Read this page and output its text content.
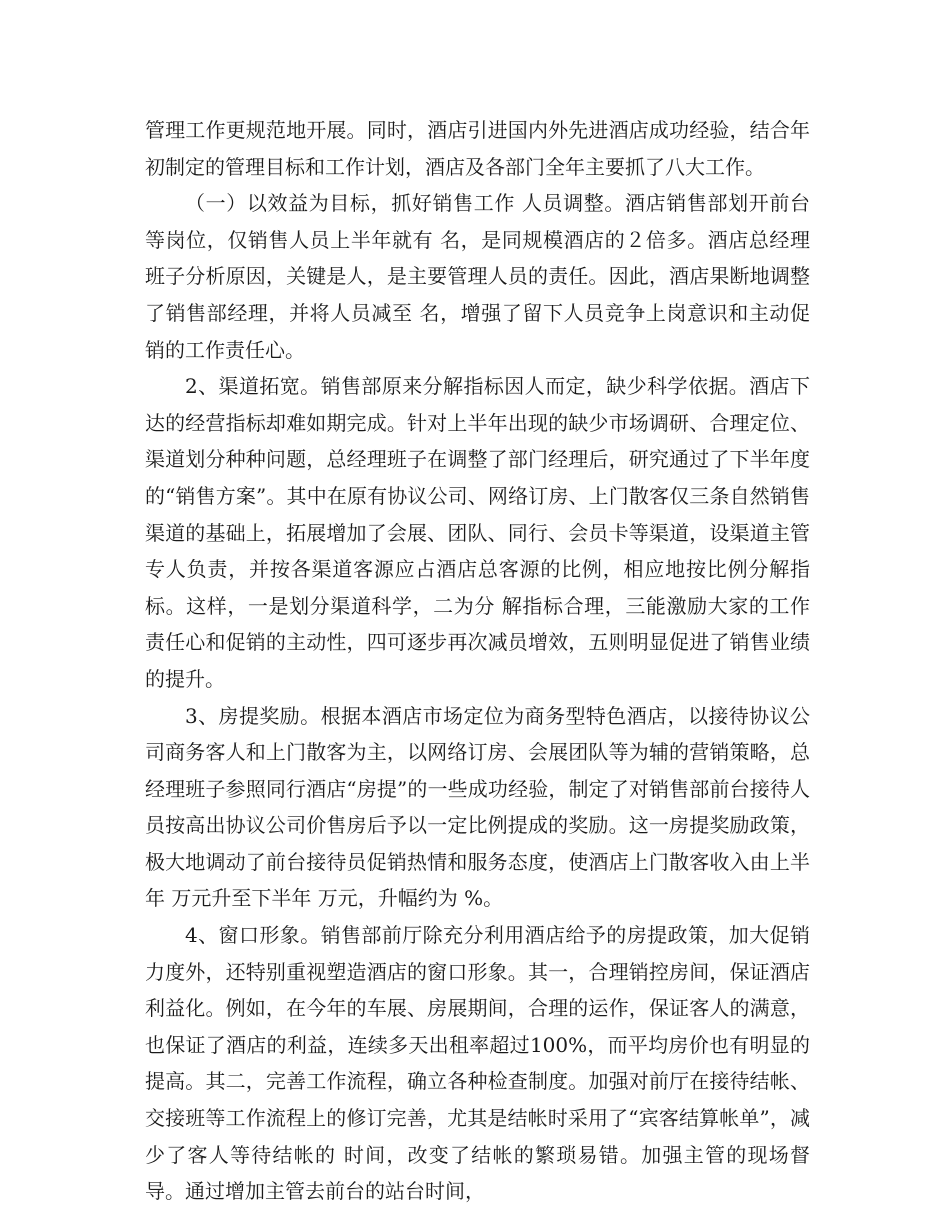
管理工作更规范地开展。同时，酒店引进国内外先进酒店成功经验，结合年初制定的管理目标和工作计划，酒店及各部门全年主要抓了八大工作。

（一）以效益为目标，抓好销售工作 人员调整。酒店销售部划开前台等岗位，仅销售人员上半年就有 名，是同规模酒店的２倍多。酒店总经理班子分析原因，关键是人，是主要管理人员的责任。因此，酒店果断地调整了销售部经理，并将人员减至 名，增强了留下人员竞争上岗意识和主动促销的工作责任心。

2、渠道拓宽。销售部原来分解指标因人而定，缺少科学依据。酒店下达的经营指标却难如期完成。针对上半年出现的缺少市场调研、合理定位、渠道划分种种问题，总经理班子在调整了部门经理后，研究通过了下半年度的“销售方案”。其中在原有协议公司、网络订房、上门散客仅三条自然销售渠道的基础上，拓展增加了会展、团队、同行、会员卡等渠道，设渠道主管专人负责，并按各渠道客源应占酒店总客源的比例，相应地按比例分解指标。这样，一是划分渠道科学，二为分 解指标合理，三能激励大家的工作责任心和促销的主动性，四可逐步再次减员增效，五则明显促进了销售业绩的提升。

3、房提奖励。根据本酒店市场定位为商务型特色酒店，以接待协议公司商务客人和上门散客为主，以网络订房、会展团队等为辅的营销策略，总经理班子参照同行酒店“房提”的一些成功经验，制定了对销售部前台接待人员按高出协议公司价售房后予以一定比例提成的奖励。这一房提奖励政策，极大地调动了前台接待员促销热情和服务态度，使酒店上门散客收入由上半年 万元升至下半年 万元，升幅约为 %。

4、窗口形象。销售部前厅除充分利用酒店给予的房提政策，加大促销力度外，还特别重视塑造酒店的窗口形象。其一，合理销控房间，保证酒店利益化。例如，在今年的车展、房展期间，合理的运作，保证客人的满意，也保证了酒店的利益，连续多天出租率超过100%，而平均房价也有明显的提高。其二，完善工作流程，确立各种检查制度。加强对前厅在接待结帐、交接班等工作流程上的修订完善，尤其是结帐时采用了“宾客结算帐单”，减少了客人等待结帐的 时间，改变了结帐的繁琐易错。加强主管的现场督导。通过增加主管去前台的站台时间，
